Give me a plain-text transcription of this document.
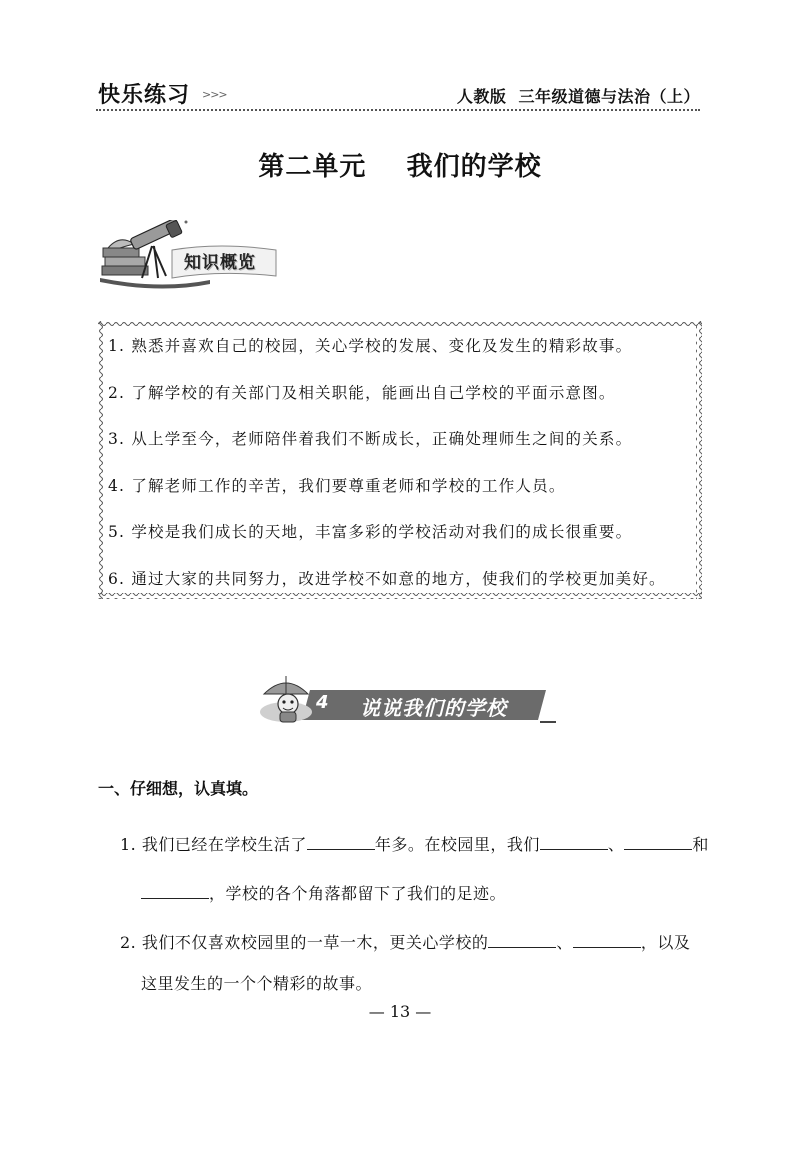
快乐练习 >>>	人教版  三年级道德与法治（上）
第二单元    我们的学校
知识概览
1. 熟悉并喜欢自己的校园，关心学校的发展、变化及发生的精彩故事。
2. 了解学校的有关部门及相关职能，能画出自己学校的平面示意图。
3. 从上学至今，老师陪伴着我们不断成长，正确处理师生之间的关系。
4. 了解老师工作的辛苦，我们要尊重老师和学校的工作人员。
5. 学校是我们成长的天地，丰富多彩的学校活动对我们的成长很重要。
6. 通过大家的共同努力，改进学校不如意的地方，使我们的学校更加美好。
4 说说我们的学校
一、仔细想，认真填。
1. 我们已经在学校生活了	年多。在校园里，我们	、	和
，学校的各个角落都留下了我们的足迹。
2. 我们不仅喜欢校园里的一草一木，更关心学校的	、	，以及
这里发生的一个个精彩的故事。
— 13 —
